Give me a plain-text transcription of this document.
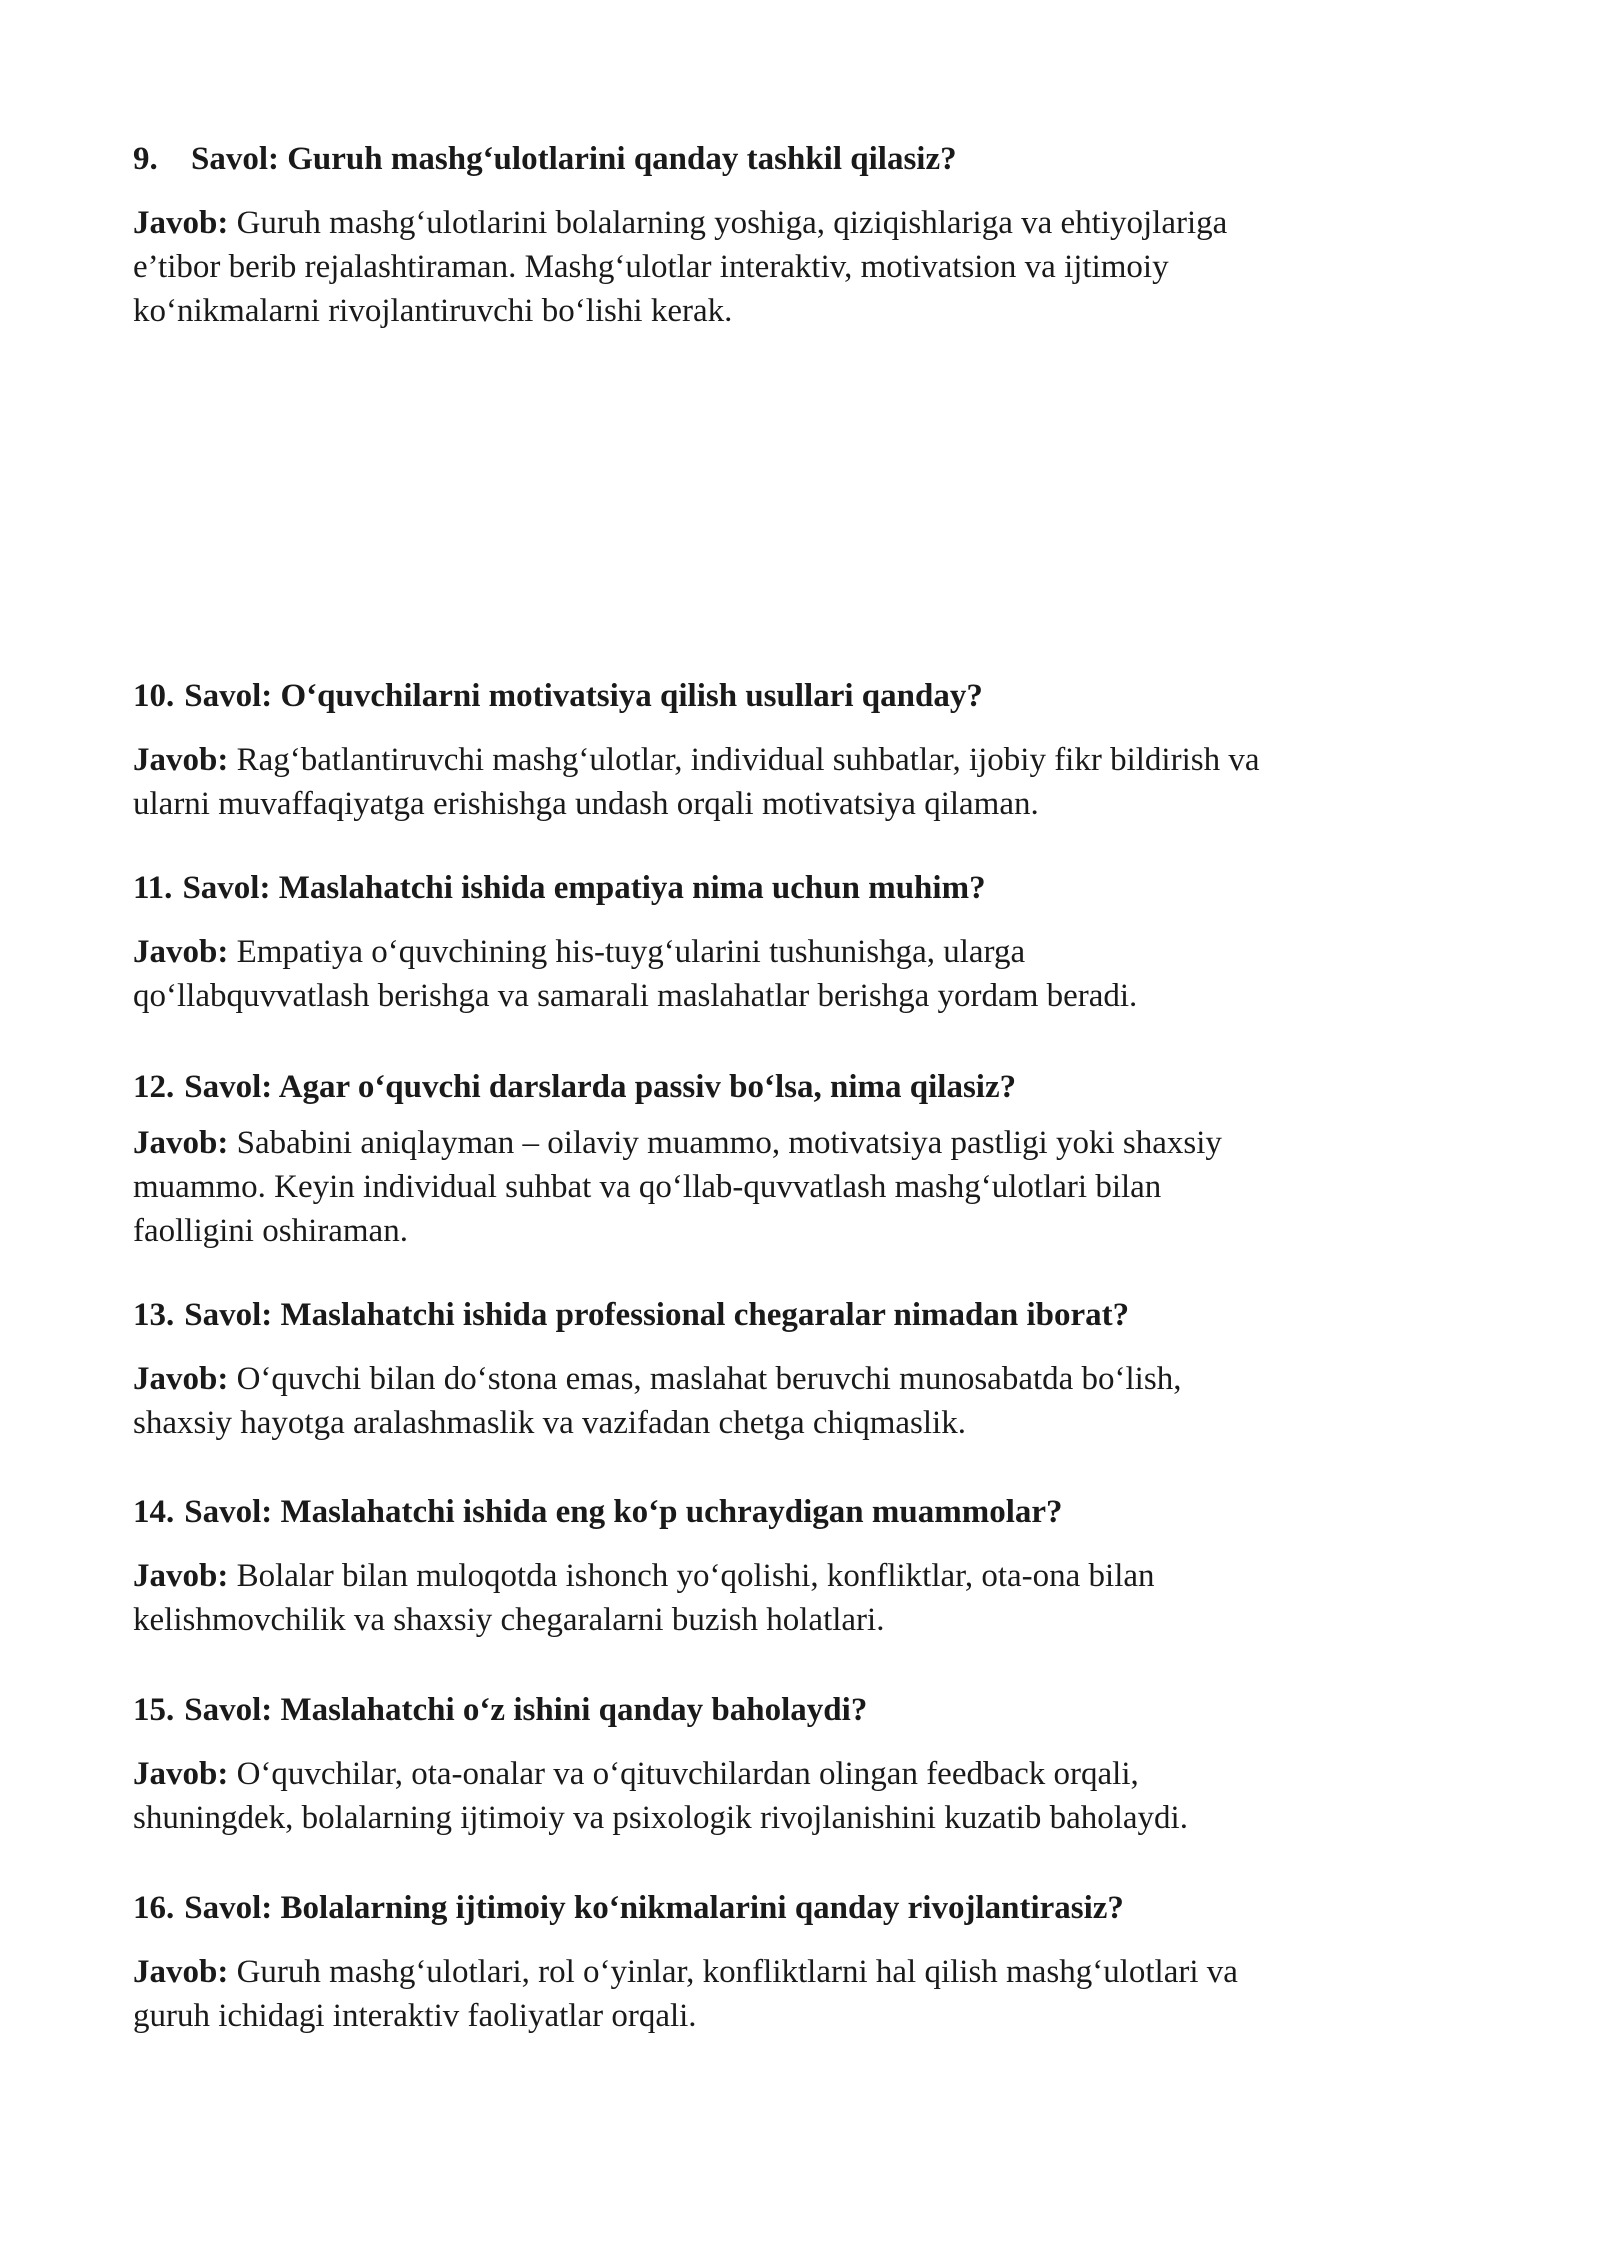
9. Savol: Guruh mashg‘ulotlarini qanday tashkil qilasiz?

Javob: Guruh mashg‘ulotlarini bolalarning yoshiga, qiziqishlariga va ehtiyojlariga
e’tibor berib rejalashtiraman. Mashg‘ulotlar interaktiv, motivatsion va ijtimoiy
ko‘nikmalarni rivojlantiruvchi bo‘lishi kerak.

10. Savol: O‘quvchilarni motivatsiya qilish usullari qanday?

Javob: Rag‘batlantiruvchi mashg‘ulotlar, individual suhbatlar, ijobiy fikr bildirish va
ularni muvaffaqiyatga erishishga undash orqali motivatsiya qilaman.

11. Savol: Maslahatchi ishida empatiya nima uchun muhim?

Javob: Empatiya o‘quvchining his-tuyg‘ularini tushunishga, ularga
qo‘llabquvvatlash berishga va samarali maslahatlar berishga yordam beradi.

12. Savol: Agar o‘quvchi darslarda passiv bo‘lsa, nima qilasiz?

Javob: Sababini aniqlayman – oilaviy muammo, motivatsiya pastligi yoki shaxsiy
muammo. Keyin individual suhbat va qo‘llab-quvvatlash mashg‘ulotlari bilan
faolligini oshiraman.

13. Savol: Maslahatchi ishida professional chegaralar nimadan iborat?

Javob: O‘quvchi bilan do‘stona emas, maslahat beruvchi munosabatda bo‘lish,
shaxsiy hayotga aralashmaslik va vazifadan chetga chiqmaslik.

14. Savol: Maslahatchi ishida eng ko‘p uchraydigan muammolar?

Javob: Bolalar bilan muloqotda ishonch yo‘qolishi, konfliktlar, ota-ona bilan
kelishmovchilik va shaxsiy chegaralarni buzish holatlari.

15. Savol: Maslahatchi o‘z ishini qanday baholaydi?

Javob: O‘quvchilar, ota-onalar va o‘qituvchilardan olingan feedback orqali,
shuningdek, bolalarning ijtimoiy va psixologik rivojlanishini kuzatib baholaydi.

16. Savol: Bolalarning ijtimoiy ko‘nikmalarini qanday rivojlantirasiz?

Javob: Guruh mashg‘ulotlari, rol o‘yinlar, konfliktlarni hal qilish mashg‘ulotlari va
guruh ichidagi interaktiv faoliyatlar orqali.
